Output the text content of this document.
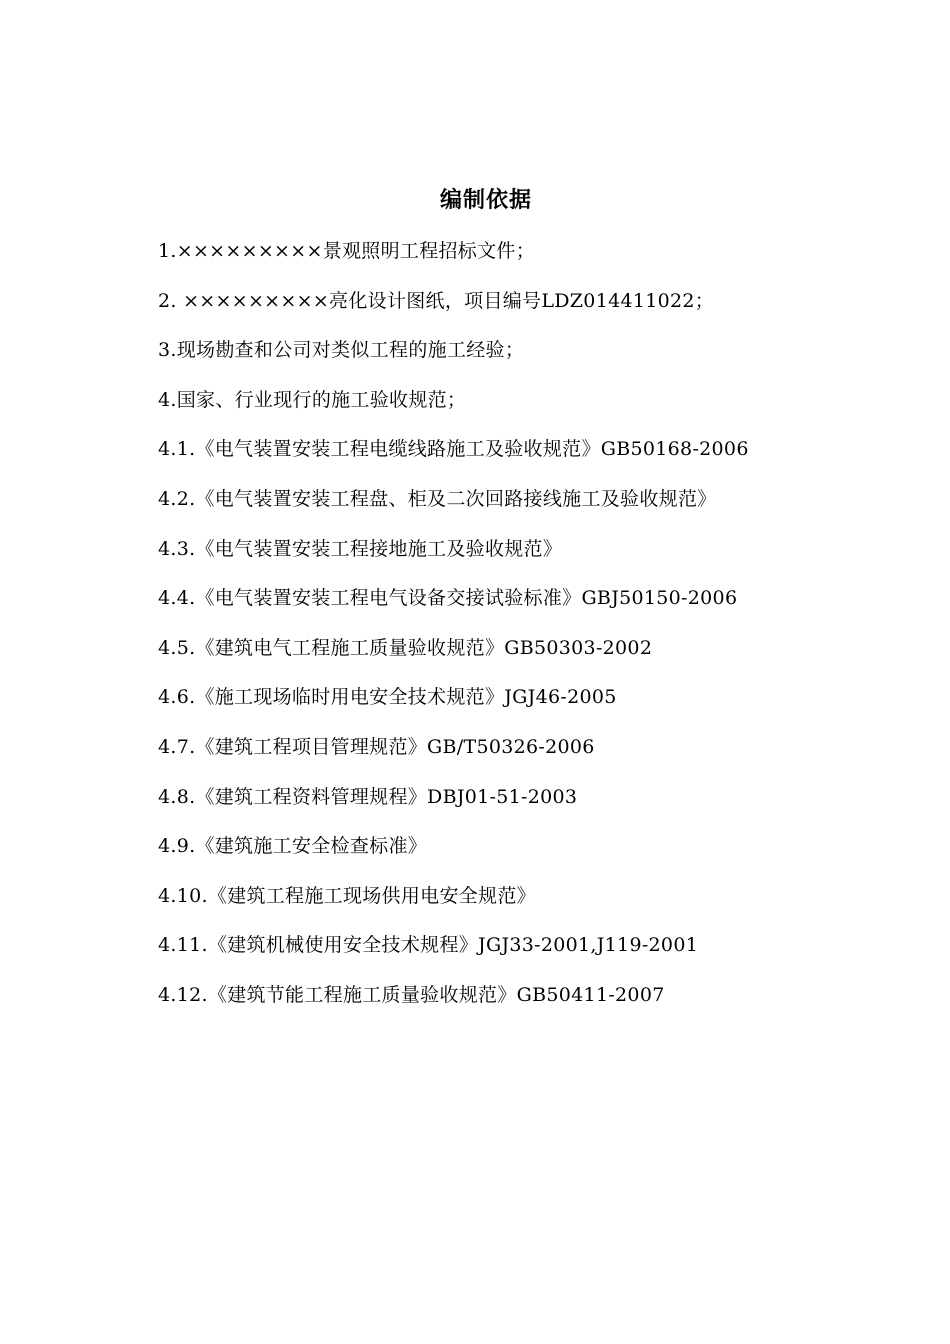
编制依据
1.×××××××××景观照明工程招标文件；
2. ×××××××××亮化设计图纸，项目编号LDZ014411022；
3.现场勘查和公司对类似工程的施工经验；
4.国家、行业现行的施工验收规范；
4.1.《电气装置安装工程电缆线路施工及验收规范》GB50168-2006
4.2.《电气装置安装工程盘、柜及二次回路接线施工及验收规范》
4.3.《电气装置安装工程接地施工及验收规范》
4.4.《电气装置安装工程电气设备交接试验标准》GBJ50150-2006
4.5.《建筑电气工程施工质量验收规范》GB50303-2002
4.6.《施工现场临时用电安全技术规范》JGJ46-2005
4.7.《建筑工程项目管理规范》GB/T50326-2006
4.8.《建筑工程资料管理规程》DBJ01-51-2003
4.9.《建筑施工安全检查标准》
4.10.《建筑工程施工现场供用电安全规范》
4.11.《建筑机械使用安全技术规程》JGJ33-2001,J119-2001
4.12.《建筑节能工程施工质量验收规范》GB50411-2007
